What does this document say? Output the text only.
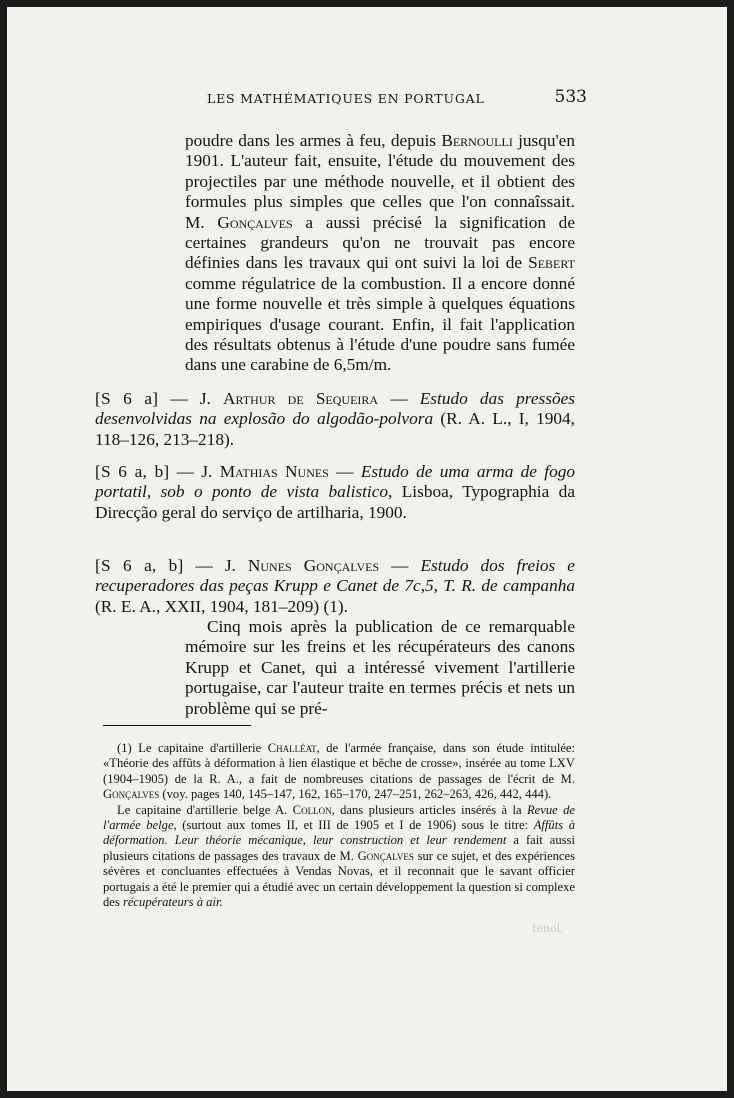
LES MATHÉMATIQUES EN PORTUGAL	533
poudre dans les armes à feu, depuis Bernoulli jusqu'en 1901. L'auteur fait, ensuite, l'étude du mouvement des projectiles par une méthode nouvelle, et il obtient des formules plus simples que celles que l'on connaîssait. M. Gonçalves a aussi précisé la signification de certaines grandeurs qu'on ne trouvait pas encore définies dans les travaux qui ont suivi la loi de Sebert comme régulatrice de la combustion. Il a encore donné une forme nouvelle et très simple à quelques équations empiriques d'usage courant. Enfin, il fait l'application des résultats obtenus à l'étude d'une poudre sans fumée dans une carabine de 6,5m/m.
[S 6 a] — J. Arthur de Sequeira — Estudo das pressões desenvolvidas na explosão do algodão-polvora (R. A. L., I, 1904, 118–126, 213–218).
[S 6 a, b] — J. Mathias Nunes — Estudo de uma arma de fogo portatil, sob o ponto de vista balistico, Lisboa, Typographia da Direcção geral do serviço de artilharia, 1900.
[S 6 a, b] — J. Nunes Gonçalves — Estudo dos freios e recuperadores das peças Krupp e Canet de 7c,5, T. R. de campanha (R. E. A., XXII, 1904, 181–209) (1).
Cinq mois après la publication de ce remarquable mémoire sur les freins et les récupérateurs des canons Krupp et Canet, qui a intéressé vivement l'artillerie portugaise, car l'auteur traite en termes précis et nets un problème qui se pré-

(1) Le capitaine d'artillerie Challéat, de l'armée française, dans son étude intitulée: «Théorie des affûts à déformation à lien élastique et bêche de crosse», insérée au tome LXV (1904–1905) de la R. A., a fait de nombreuses citations de passages de l'écrit de M. Gonçalves (voy. pages 140, 145–147, 162, 165–170, 247–251, 262–263, 426, 442, 444).

Le capitaine d'artillerie belge A. Collon, dans plusieurs articles insérés à la Revue de l'armée belge, (surtout aux tomes II, et III de 1905 et I de 1906) sous le titre: Affûts à déformation. Leur théorie mécanique, leur construction et leur rendement a fait aussi plusieurs citations de passages des travaux de M. Gonçalves sur ce sujet, et des expériences sévères et concluantes effectuées à Vendas Novas, et il reconnait que le savant officier portugais a été le premier qui a étudié avec un certain développement la question si complexe des récupérateurs à air.

tenol.
